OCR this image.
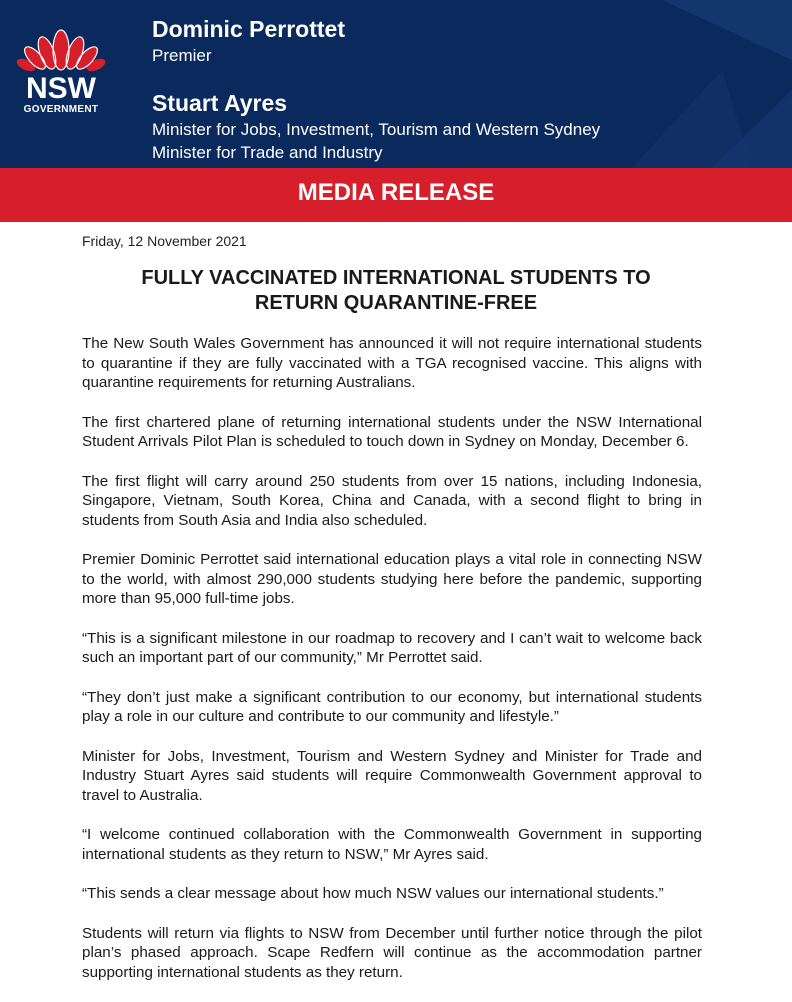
NSW
GOVERNMENT
Dominic Perrottet
Premier
Stuart Ayres
Minister for Jobs, Investment, Tourism and Western Sydney
Minister for Trade and Industry
MEDIA RELEASE
Friday, 12 November 2021
FULLY VACCINATED INTERNATIONAL STUDENTS TO
RETURN QUARANTINE-FREE

The New South Wales Government has announced it will not require international students to quarantine if they are fully vaccinated with a TGA recognised vaccine. This aligns with quarantine requirements for returning Australians.

The first chartered plane of returning international students under the NSW International Student Arrivals Pilot Plan is scheduled to touch down in Sydney on Monday, December 6.

The first flight will carry around 250 students from over 15 nations, including Indonesia, Singapore, Vietnam, South Korea, China and Canada, with a second flight to bring in students from South Asia and India also scheduled.

Premier Dominic Perrottet said international education plays a vital role in connecting NSW to the world, with almost 290,000 students studying here before the pandemic, supporting more than 95,000 full-time jobs.

“This is a significant milestone in our roadmap to recovery and I can’t wait to welcome back such an important part of our community,” Mr Perrottet said.

“They don’t just make a significant contribution to our economy, but international students play a role in our culture and contribute to our community and lifestyle.”

Minister for Jobs, Investment, Tourism and Western Sydney and Minister for Trade and Industry Stuart Ayres said students will require Commonwealth Government approval to travel to Australia.

“I welcome continued collaboration with the Commonwealth Government in supporting international students as they return to NSW,” Mr Ayres said.

“This sends a clear message about how much NSW values our international students.”

Students will return via flights to NSW from December until further notice through the pilot plan’s phased approach. Scape Redfern will continue as the accommodation partner supporting international students as they return.
